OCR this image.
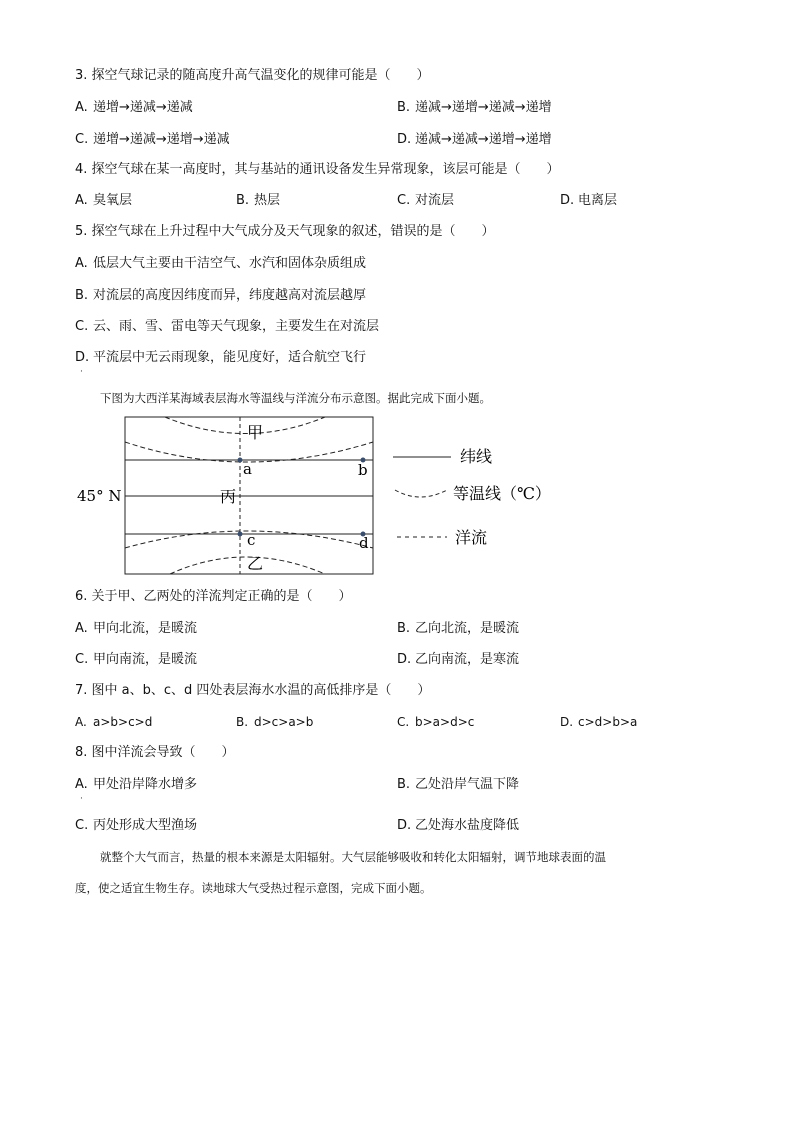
3. 探空气球记录的随高度升高气温变化的规律可能是（　　）
A. 递增→递减→递减	B. 递减→递增→递减→递增
C. 递增→递减→递增→递减	D. 递减→递减→递增→递增
4. 探空气球在某一高度时，其与基站的通讯设备发生异常现象，该层可能是（　　）
A. 臭氧层	B. 热层	C. 对流层	D. 电离层
5. 探空气球在上升过程中大气成分及天气现象的叙述，错误的是（　　）
A. 低层大气主要由干洁空气、水汽和固体杂质组成
B. 对流层的高度因纬度而异，纬度越高对流层越厚
C. 云、雨、雪、雷电等天气现象，主要发生在对流层
D. 平流层中无云雨现象，能见度好，适合航空飞行
·
下图为大西洋某海域表层海水等温线与洋流分布示意图。据此完成下面小题。
45° N
甲
丙
乙
a	b
c	d
纬线
等温线（℃）
洋流
6. 关于甲、乙两处的洋流判定正确的是（　　）
A. 甲向北流，是暖流	B. 乙向北流，是暖流
C. 甲向南流，是暖流	D. 乙向南流，是寒流
7. 图中 a、b、c、d 四处表层海水水温的高低排序是（　　）
A. a>b>c>d	B. d>c>a>b	C. b>a>d>c	D. c>d>b>a
8. 图中洋流会导致（　　）
A. 甲处沿岸降水增多	B. 乙处沿岸气温下降
·
C. 丙处形成大型渔场	D. 乙处海水盐度降低
就整个大气而言，热量的根本来源是太阳辐射。大气层能够吸收和转化太阳辐射，调节地球表面的温
度，使之适宜生物生存。读地球大气受热过程示意图，完成下面小题。
